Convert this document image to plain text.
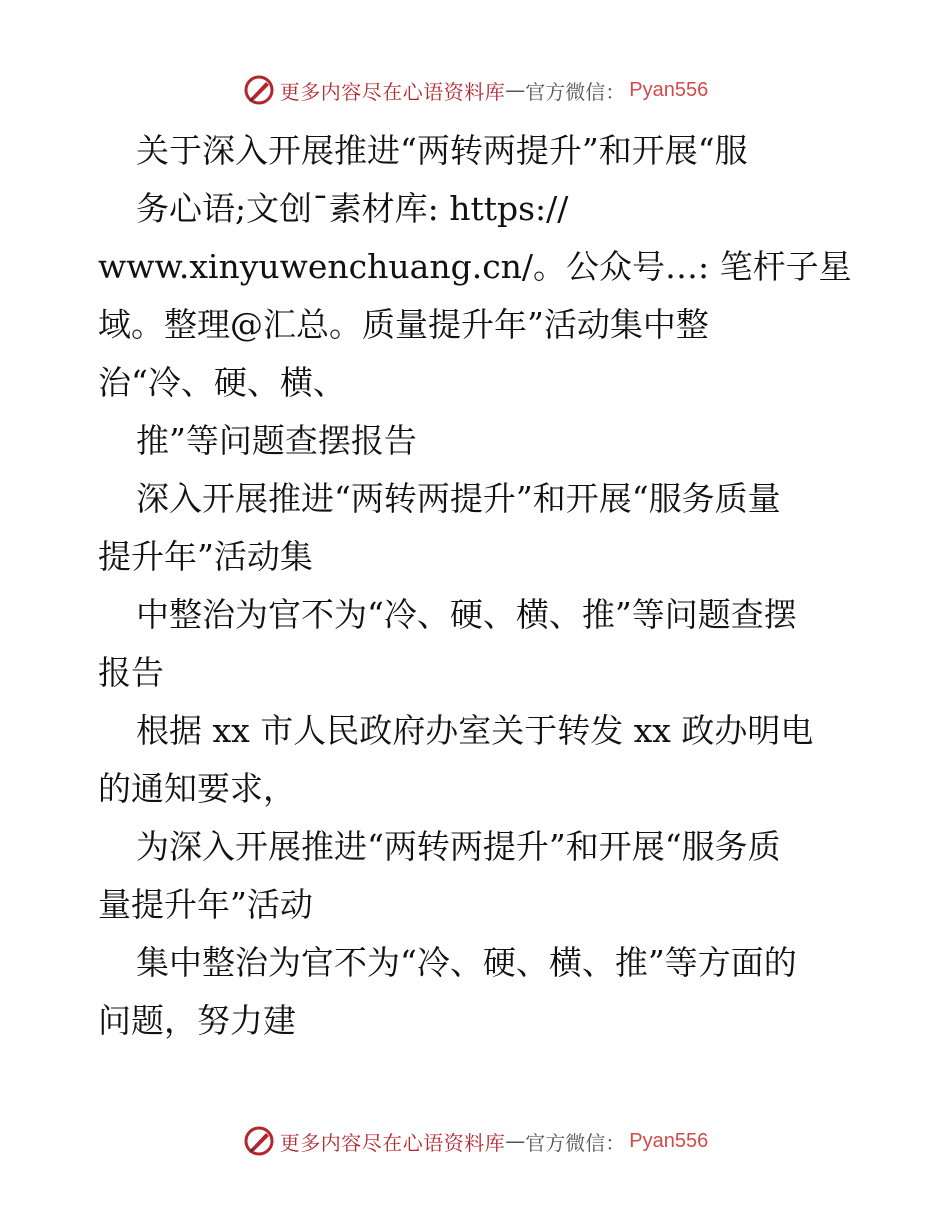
更多内容尽在心语资料库 — 官方微信： Pyan556
关于深入开展推进“两转两提升”和开展“服
务心语;文创¯素材库: https://
www.xinyuwenchuang.cn/。公众号…: 笔杆子星
域。整理@汇总。质量提升年”活动集中整
治“冷、硬、横、
推”等问题查摆报告
深入开展推进“两转两提升”和开展“服务质量
提升年”活动集
中整治为官不为“冷、硬、横、推”等问题查摆
报告
根据 xx 市人民政府办室关于转发 xx 政办明电
的通知要求，
为深入开展推进“两转两提升”和开展“服务质
量提升年”活动
集中整治为官不为“冷、硬、横、推”等方面的
问题，努力建
更多内容尽在心语资料库 — 官方微信： Pyan556
